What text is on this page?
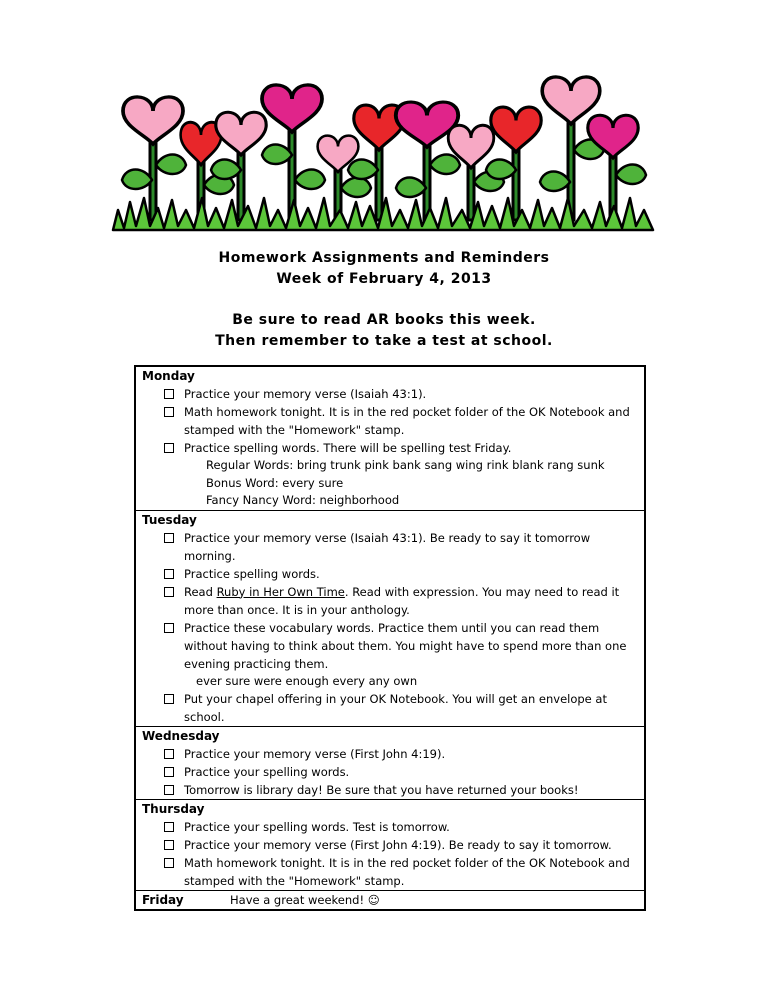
Homework Assignments and Reminders
Week of February 4, 2013
Be sure to read AR books this week.
Then remember to take a test at school.
Monday
Practice your memory verse (Isaiah 43:1).
Math homework tonight. It is in the red pocket folder of the OK Notebook and stamped with the "Homework" stamp.
Practice spelling words. There will be spelling test Friday.
Regular Words: bring trunk pink bank sang wing rink blank rang sunk
Bonus Word: every sure
Fancy Nancy Word: neighborhood

Tuesday
Practice your memory verse (Isaiah 43:1). Be ready to say it tomorrow morning.
Practice spelling words.
Read Ruby in Her Own Time. Read with expression. You may need to read it more than once. It is in your anthology.
Practice these vocabulary words. Practice them until you can read them without having to think about them. You might have to spend more than one evening practicing them.
ever sure were enough every any own
Put your chapel offering in your OK Notebook. You will get an envelope at school.

Wednesday
Practice your memory verse (First John 4:19).
Practice your spelling words.
Tomorrow is library day! Be sure that you have returned your books!

Thursday
Practice your spelling words. Test is tomorrow.
Practice your memory verse (First John 4:19). Be ready to say it tomorrow.
Math homework tonight. It is in the red pocket folder of the OK Notebook and stamped with the "Homework" stamp.

Friday	Have a great weekend! ☺
